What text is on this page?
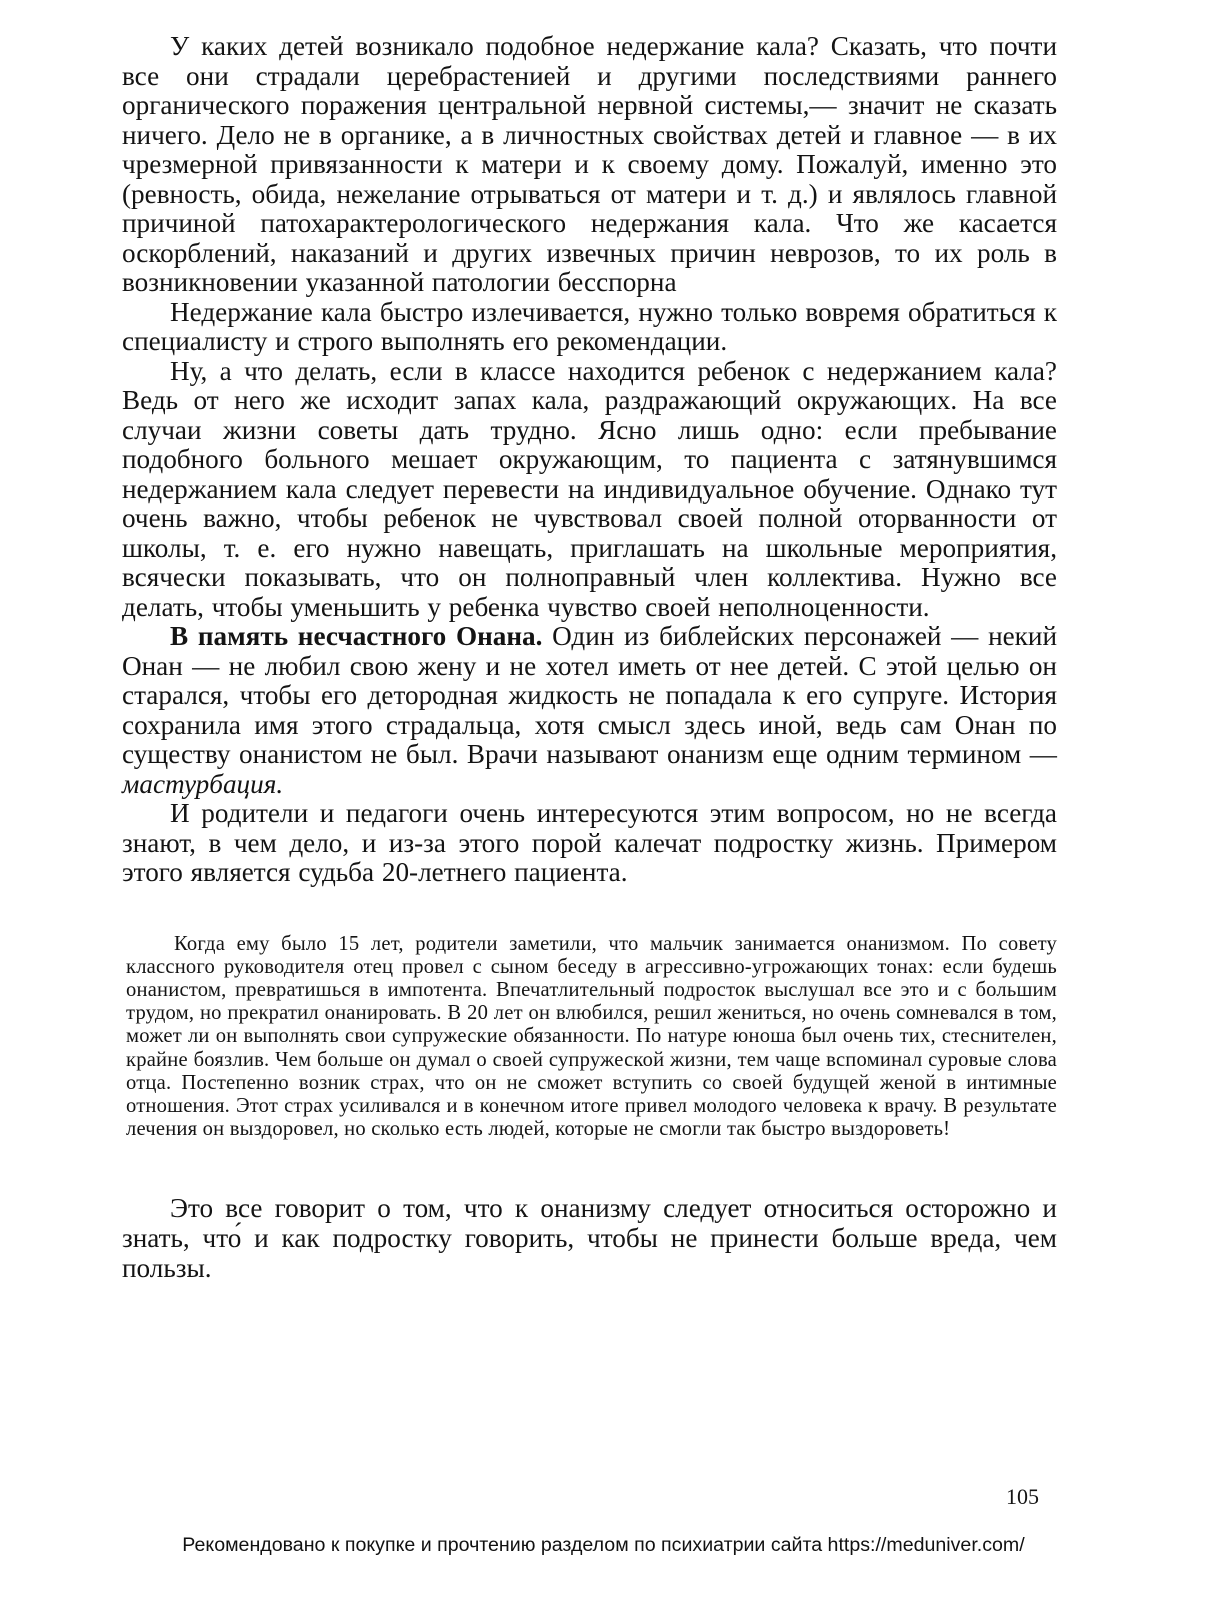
У каких детей возникало подобное недержание кала? Сказать, что почти все они страдали церебрастенией и другими последствиями раннего органического поражения центральной нервной системы,— значит не сказать ничего. Дело не в органике, а в личностных свойствах детей и главное — в их чрезмерной привязанности к матери и к своему дому. Пожалуй, именно это (ревность, обида, нежелание отрываться от матери и т. д.) и являлось главной причиной патохарактерологического недержания кала. Что же касается оскорблений, наказаний и других извечных причин неврозов, то их роль в возникновении указанной патологии бесспорна

Недержание кала быстро излечивается, нужно только вовремя обратиться к специалисту и строго выполнять его рекомендации.

Ну, а что делать, если в классе находится ребенок с недержанием кала? Ведь от него же исходит запах кала, раздражающий окружающих. На все случаи жизни советы дать трудно. Ясно лишь одно: если пребывание подобного больного мешает окружающим, то пациента с затянувшимся недержанием кала следует перевести на индивидуальное обучение. Однако тут очень важно, чтобы ребенок не чувствовал своей полной оторванности от школы, т. е. его нужно навещать, приглашать на школьные мероприятия, всячески показывать, что он полноправный член коллектива. Нужно все делать, чтобы уменьшить у ребенка чувство своей неполноценности.

В память несчастного Онана. Один из библейских персонажей — некий Онан — не любил свою жену и не хотел иметь от нее детей. С этой целью он старался, чтобы его детородная жидкость не попадала к его супруге. История сохранила имя этого страдальца, хотя смысл здесь иной, ведь сам Онан по существу онанистом не был. Врачи называют онанизм еще одним термином — мастурбация.

И родители и педагоги очень интересуются этим вопросом, но не всегда знают, в чем дело, и из-за этого порой калечат подростку жизнь. Примером этого является судьба 20-летнего пациента.

Когда ему было 15 лет, родители заметили, что мальчик занимается онанизмом. По совету классного руководителя отец провел с сыном беседу в агрессивно-угрожающих тонах: если будешь онанистом, превратишься в импотента. Впечатлительный подросток выслушал все это и с большим трудом, но прекратил онанировать. В 20 лет он влюбился, решил жениться, но очень сомневался в том, может ли он выполнять свои супружеские обязанности. По натуре юноша был очень тих, стеснителен, крайне боязлив. Чем больше он думал о своей супружеской жизни, тем чаще вспоминал суровые слова отца. Постепенно возник страх, что он не сможет вступить со своей будущей женой в интимные отношения. Этот страх усиливался и в конечном итоге привел молодого человека к врачу. В результате лечения он выздоровел, но сколько есть людей, которые не смогли так быстро выздороветь!

Это все говорит о том, что к онанизму следует относиться осторожно и знать, что́ и как подростку говорить, чтобы не принести больше вреда, чем пользы.

105
Рекомендовано к покупке и прочтению разделом по психиатрии сайта https://meduniver.com/
